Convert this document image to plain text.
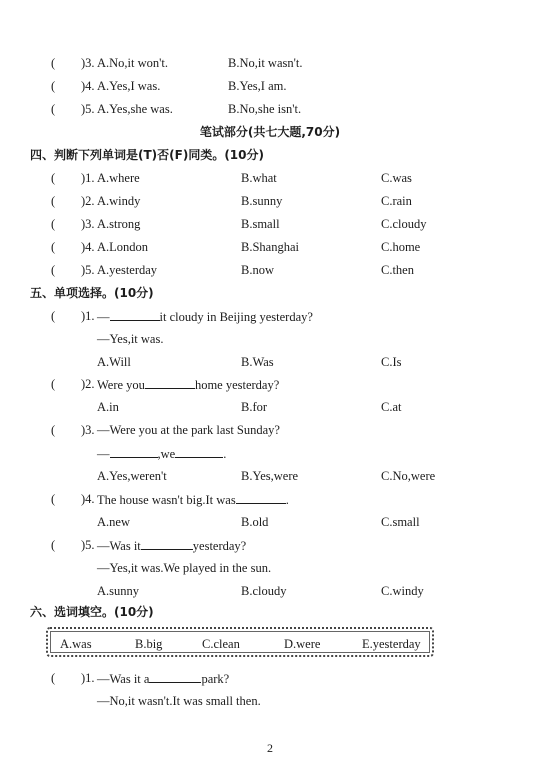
( )3. A.No,it won't.	B.No,it wasn't.
( )4. A.Yes,I was.	B.Yes,I am.
( )5. A.Yes,she was.	B.No,she isn't.
笔试部分(共七大题,70分)
四、判断下列单词是(T)否(F)同类。(10分)
( )1. A.where	B.what	C.was
( )2. A.windy	B.sunny	C.rain
( )3. A.strong	B.small	C.cloudy
( )4. A.London	B.Shanghai	C.home
( )5. A.yesterday	B.now	C.then
五、单项选择。(10分)
( )1. —	it cloudy in Beijing yesterday?
—Yes,it was.
A.Will	B.Was	C.Is
( )2. Were you	home yesterday?
A.in	B.for	C.at
( )3. —Were you at the park last Sunday?
—	,we	.
A.Yes,weren't	B.Yes,were	C.No,were
( )4. The house wasn't big.It was	.
A.new	B.old	C.small
( )5. —Was it	yesterday?
—Yes,it was.We played in the sun.
A.sunny	B.cloudy	C.windy
六、选词填空。(10分)
A.was	B.big	C.clean	D.were	E.yesterday
( )1. —Was it a	park?
—No,it wasn't.It was small then.
2
